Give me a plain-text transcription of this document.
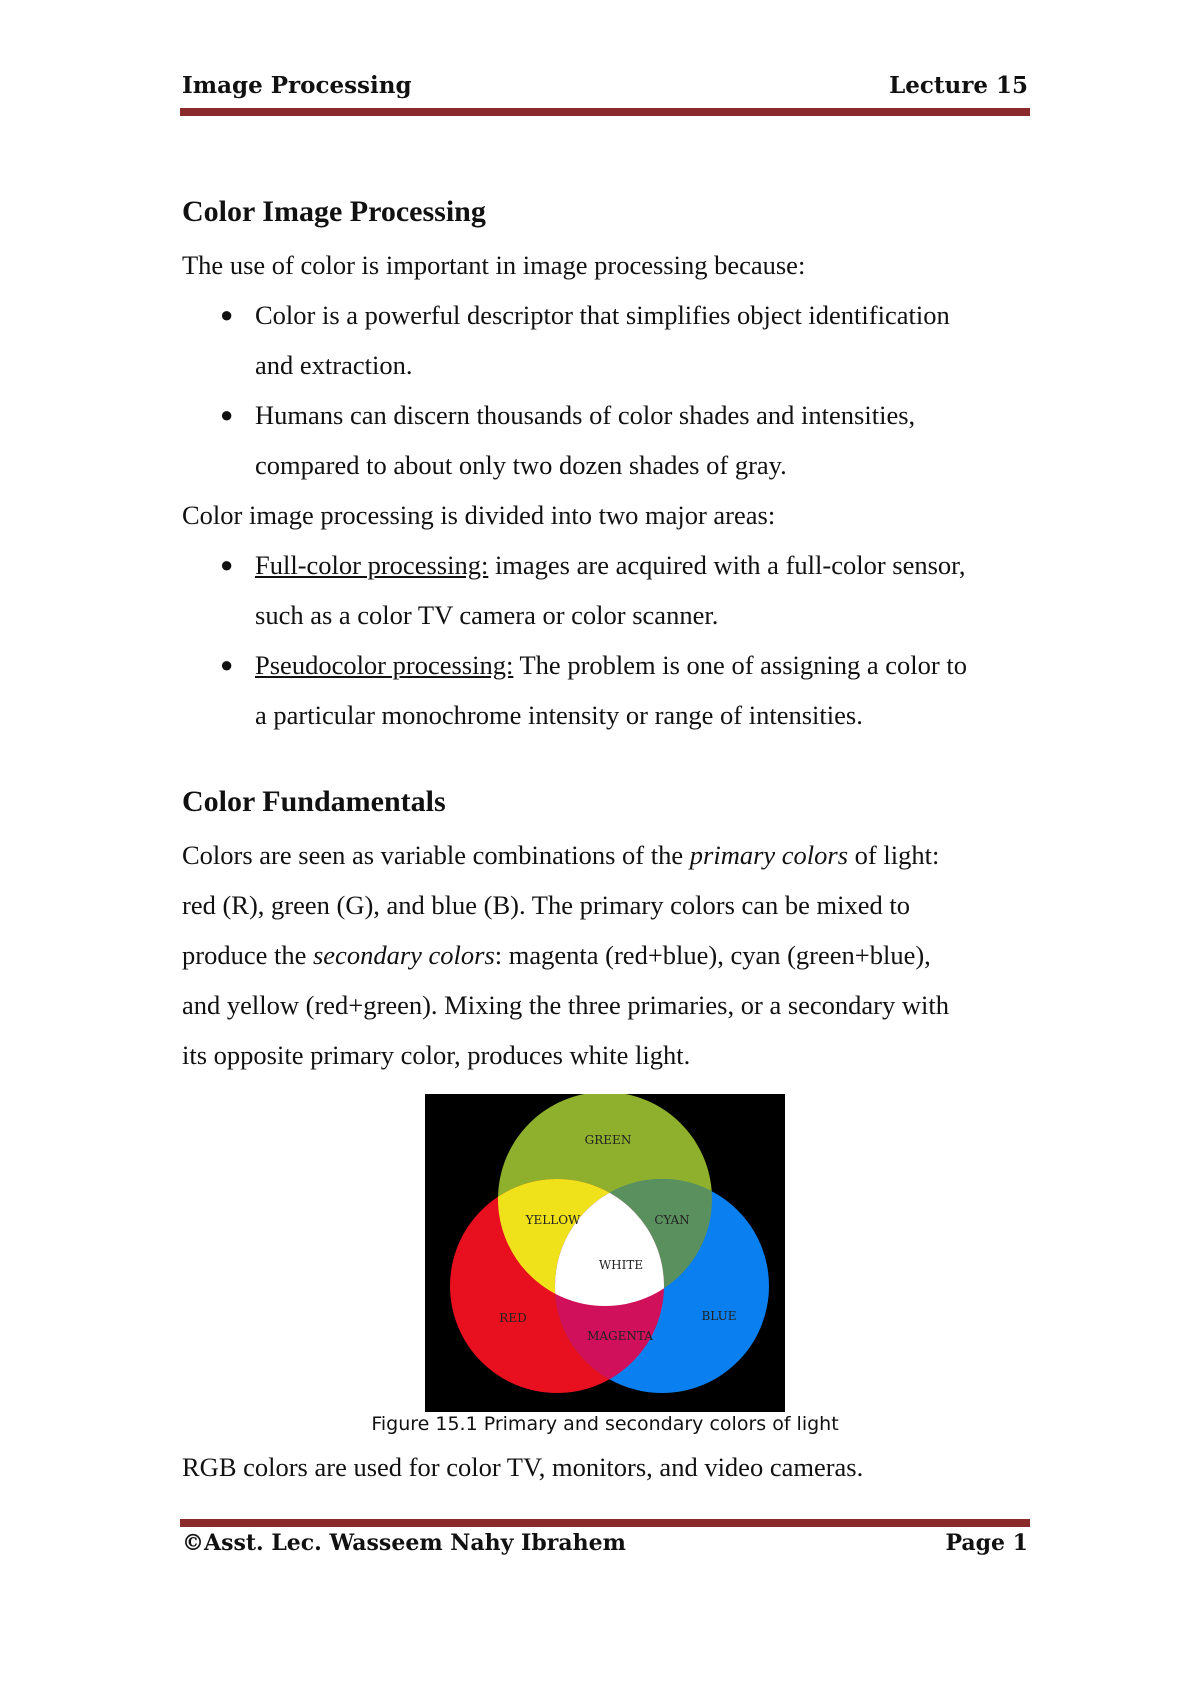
Image Processing	Lecture 15
Color Image Processing

The use of color is important in image processing because:

● Color is a powerful descriptor that simplifies object identification
and extraction.
● Humans can discern thousands of color shades and intensities,
compared to about only two dozen shades of gray.

Color image processing is divided into two major areas:

● Full-color processing: images are acquired with a full-color sensor,
such as a color TV camera or color scanner.
● Pseudocolor processing: The problem is one of assigning a color to
a particular monochrome intensity or range of intensities.
Color Fundamentals

Colors are seen as variable combinations of the primary colors of light:
red (R), green (G), and blue (B). The primary colors can be mixed to
produce the secondary colors: magenta (red+blue), cyan (green+blue),
and yellow (red+green). Mixing the three primaries, or a secondary with
its opposite primary color, produces white light.

GREEN
YELLOW	CYAN
WHITE
RED	BLUE
MAGENTA
Figure 15.1 Primary and secondary colors of light
RGB colors are used for color TV, monitors, and video cameras.
©Asst. Lec. Wasseem Nahy Ibrahem	Page 1
